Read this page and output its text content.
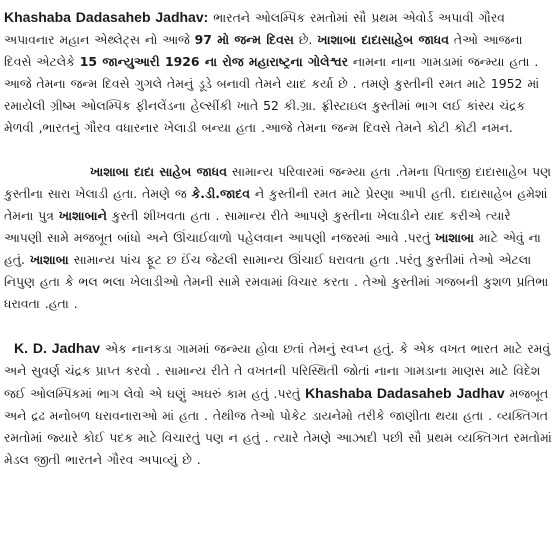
Khashaba Dadasaheb Jadhav: ભારતને ઓલમ્પિક રમતોમાં સૌ પ્રથમ એવોર્ડ અપાવી ગૌરવ અપાવનાર મહાન એથ્લેટ્સ નો આજે 97 મો જન્મ દિવસ છે. ખાશાબા દાદાસાહેબ જાધવ તેઓ આજના દિવસે એટલેકે 15 જાન્યુઆરી 1926 ના રોજ મહારાષ્ટ્રના ગોલેશ્વર નામના નાના ગામડામાં જન્મ્યા હતા . આજે તેમના જન્મ દિવસે ગુગલે તેમનું ડૂડે બનાવી તેમને યાદ કર્યા છે . તમણે કુસ્તીની રમત માટે 1952 માં રમાયેલી ગ્રીષ્મ ઓલમ્પિક ફીનલેંડના હેલ્સીંકી ખાતે 52 કી.ગ્રા. ફ્રીસ્ટાઇલ કુસ્તીમાં ભાગ લઈ કાંસ્ય ચંદ્રક મેળવી ,ભારતનું ગૌરવ વધારનાર ખેલાડી બન્યા હતા .આજે તેમના જન્મ દિવસે તેમને કોટી કોટી નમન.

ખાશાબા દાદા સાહેબ જાધવ સામાન્ય પરિવારમાં જન્મ્યા હતા .તેમના પિતાજી દાદાસાહેબ પણ કુસ્તીના સારા ખેલાડી હતા. તેમણે જ કે.ડી.જાદવ ને કુસ્તીની રમત માટે પ્રેરણા આપી હતી. દાદાસાહેબ હમેશાં તેમના પુત્ર ખાશાબાને કુસ્તી શીખવતા હતા . સામાન્ય રીતે આપણે કુસ્તીના ખેલાડીને યાદ કરીએ ત્યારે આપણી સામે મજબૂત બાંધો અને ઊંચાઈવાળો પહેલવાન આપણી નજરમાં આવે .પરતું ખાશાબા માટે એવું ના હતું. ખાશાબા સામાન્ય પાંચ ફૂટ છ ઈંચ જેટલી સામાન્ય ઊંચાઈ ધરાવતા હતા .પરંતુ કુસ્તીમાં તેઓ એટલા નિપુણ હતા કે ભલ ભલા ખેલાડીઓ તેમની સામે રમવામાં વિચાર કરતા . તેઓ કુસ્તીમાં ગજબની કુશળ પ્રતિભા ધરાવતા .હતા .

K. D. Jadhav એક નાનકડા ગામમાં જન્મ્યા હોવા છતાં તેમનું સ્વપ્ન હતું. કે એક વખત ભારત માટે રમવું અને સુવર્ણ ચંદ્રક પ્રાપ્ત કરવો . સામાન્ય રીતે તે વખતની પરિસ્થિતી જોતાં નાના ગામડાના માણસ માટે વિદેશ જઈ ઓલમ્પિકમાં ભાગ લેવો એ ઘણું અઘરું કામ હતું .પરતું Khashaba Dadasaheb Jadhav મજબૂત અને દ્રઢ મનોબળ ધરાવનારાઓ માં હતા . તેથીજ તેઓ પોકેટ ડાયનેમો તરીકે જાણીતા થયા હતા . વ્યક્તિગત રમતોમાં જ્યારે કોઈ પદક માટે વિચારતું પણ ન હતું . ત્યારે તેમણે આઝાદી પછી સૌ પ્રથમ વ્યક્તિગત રમતોમાં મેડલ જીતી ભારતને ગૌરવ અપાવ્યું છે .
